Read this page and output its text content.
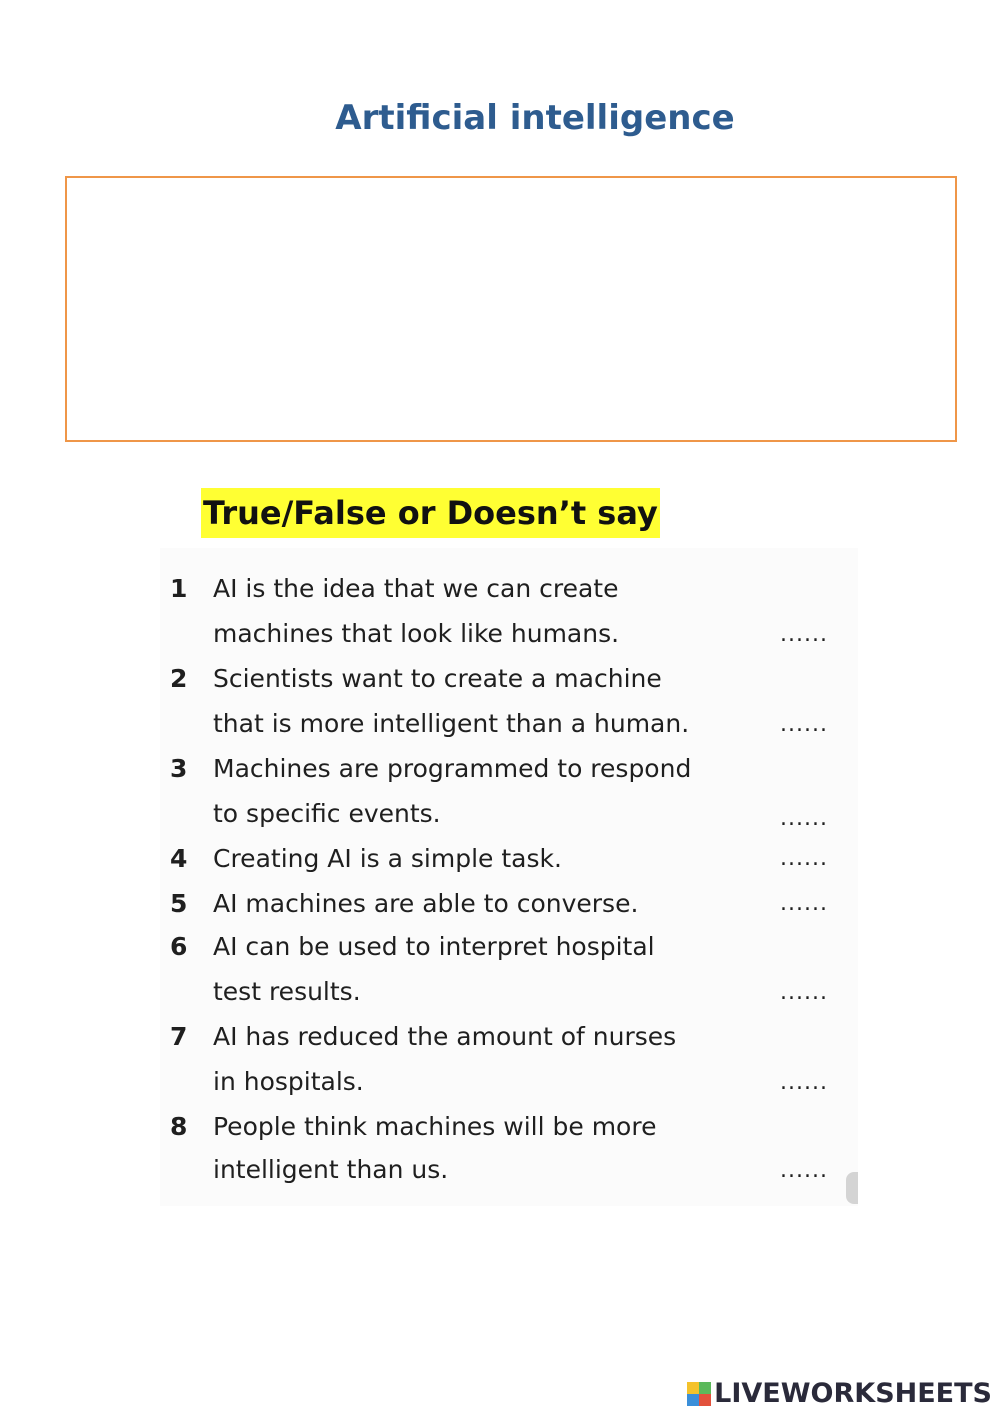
Artificial intelligence
True/False or Doesn’t say
1	AI is the idea that we can create
machines that look like humans.	......
2	Scientists want to create a machine
that is more intelligent than a human.	......
3	Machines are programmed to respond
to specific events.	......
4	Creating AI is a simple task.	......
5	AI machines are able to converse.	......
6	AI can be used to interpret hospital
test results.	......
7	AI has reduced the amount of nurses
in hospitals.	......
8	People think machines will be more
intelligent than us.	......
LIVEWORKSHEETS
